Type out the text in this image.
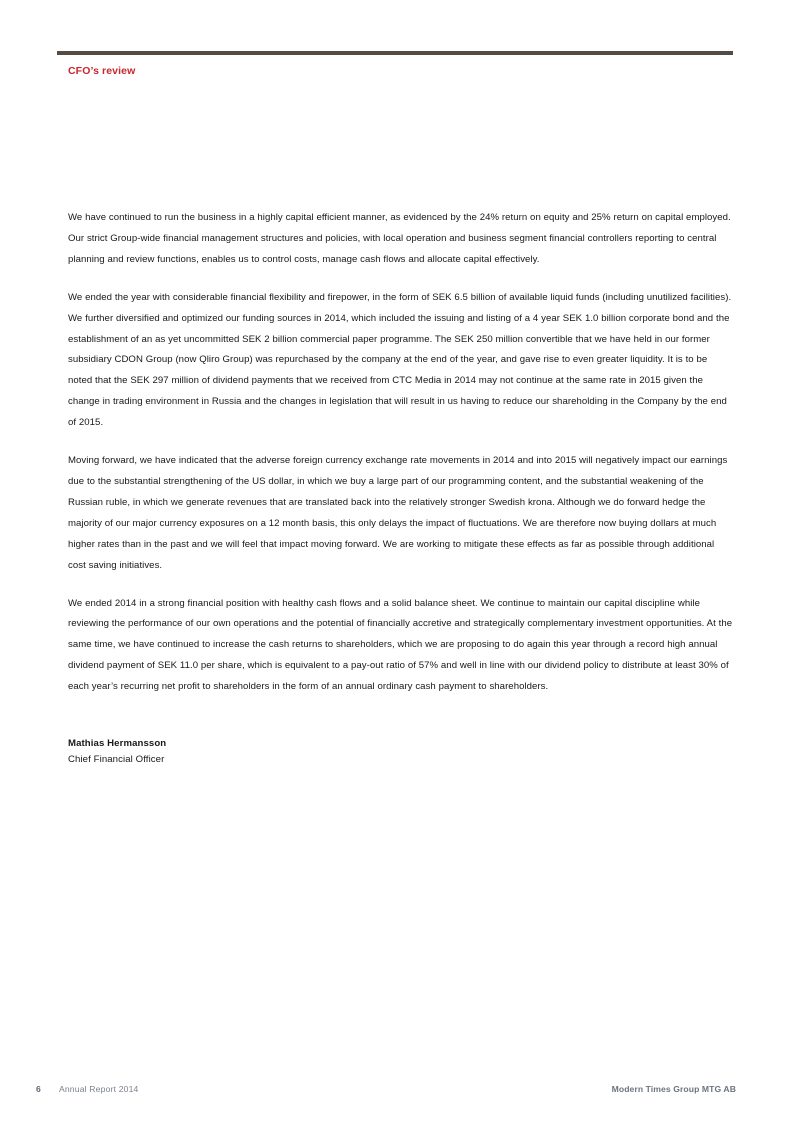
CFO’s review

We have continued to run the business in a highly capital efficient manner, as evidenced by the 24% return on equity and 25% return on capital employed. Our strict Group-wide financial management structures and policies, with local operation and business segment financial controllers reporting to central planning and review functions, enables us to control costs, manage cash flows and allocate capital effectively.

We ended the year with considerable financial flexibility and firepower, in the form of SEK 6.5 billion of available liquid funds (including unutilized facilities). We further diversified and optimized our funding sources in 2014, which included the issuing and listing of a 4 year SEK 1.0 billion corporate bond and the establishment of an as yet uncommitted SEK 2 billion commercial paper programme. The SEK 250 million convertible that we have held in our former subsidiary CDON Group (now Qliro Group) was repurchased by the company at the end of the year, and gave rise to even greater liquidity. It is to be noted that the SEK 297 million of dividend payments that we received from CTC Media in 2014 may not continue at the same rate in 2015 given the change in trading environment in Russia and the changes in legislation that will result in us having to reduce our shareholding in the Company by the end of 2015.

Moving forward, we have indicated that the adverse foreign currency exchange rate movements in 2014 and into 2015 will negatively impact our earnings due to the substantial strengthening of the US dollar, in which we buy a large part of our programming content, and the substantial weakening of the Russian ruble, in which we generate revenues that are translated back into the relatively stronger Swedish krona. Although we do forward hedge the majority of our major currency exposures on a 12 month basis, this only delays the impact of fluctuations. We are therefore now buying dollars at much higher rates than in the past and we will feel that impact moving forward. We are working to mitigate these effects as far as possible through additional cost saving initiatives.

We ended 2014 in a strong financial position with healthy cash flows and a solid balance sheet. We continue to maintain our capital discipline while reviewing the performance of our own operations and the potential of financially accretive and strategically complementary investment opportunities. At the same time, we have continued to increase the cash returns to shareholders, which we are proposing to do again this year through a record high annual dividend payment of SEK 11.0 per share, which is equivalent to a pay-out ratio of 57% and well in line with our dividend policy to distribute at least 30% of each year’s recurring net profit to shareholders in the form of an annual ordinary cash payment to shareholders.

Mathias Hermansson
Chief Financial Officer
6 Annual Report 2014	Modern Times Group MTG AB
